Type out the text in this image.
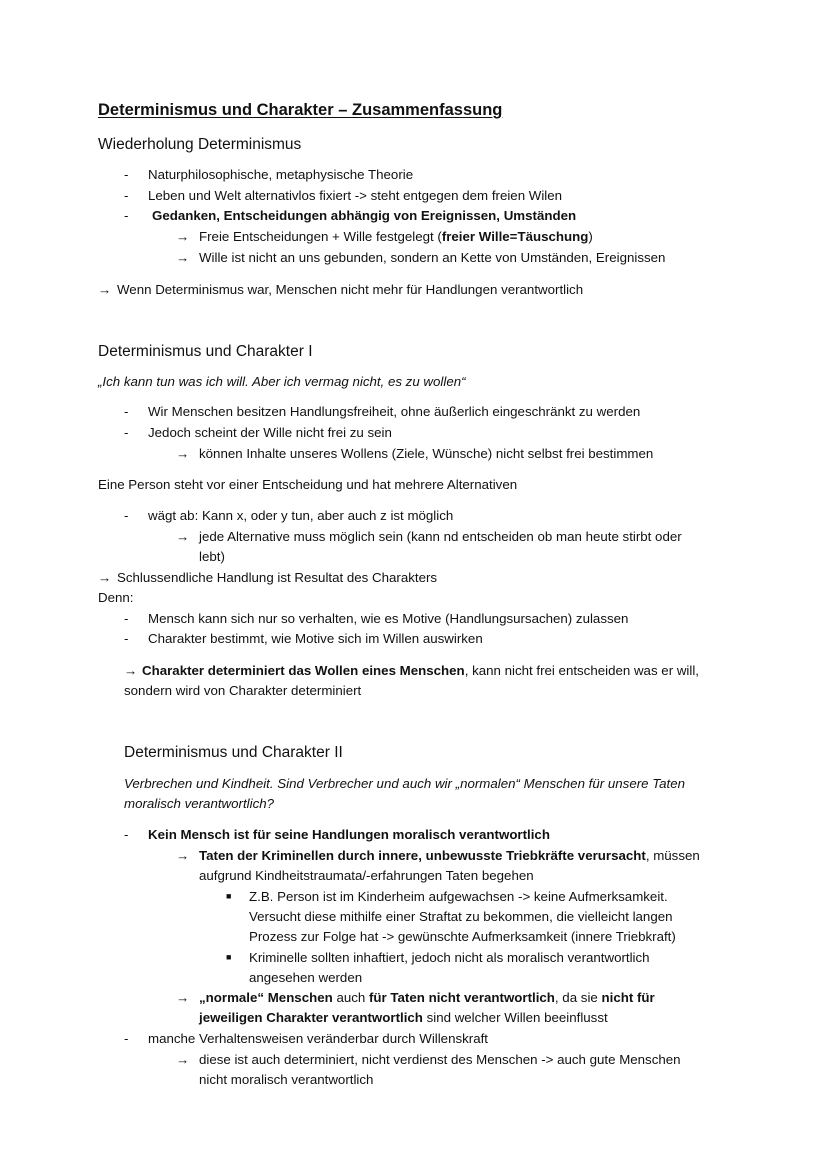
Determinismus und Charakter – Zusammenfassung
Wiederholung Determinismus
- Naturphilosophische, metaphysische Theorie
- Leben und Welt alternativlos fixiert -> steht entgegen dem freien Wilen
- Gedanken, Entscheidungen abhängig von Ereignissen, Umständen
→ Freie Entscheidungen + Wille festgelegt (freier Wille=Täuschung)
→ Wille ist nicht an uns gebunden, sondern an Kette von Umständen, Ereignissen
→ Wenn Determinismus war, Menschen nicht mehr für Handlungen verantwortlich
Determinismus und Charakter I
„Ich kann tun was ich will. Aber ich vermag nicht, es zu wollen“
- Wir Menschen besitzen Handlungsfreiheit, ohne äußerlich eingeschränkt zu werden
- Jedoch scheint der Wille nicht frei zu sein
→ können Inhalte unseres Wollens (Ziele, Wünsche) nicht selbst frei bestimmen
Eine Person steht vor einer Entscheidung und hat mehrere Alternativen
- wägt ab: Kann x, oder y tun, aber auch z ist möglich
→ jede Alternative muss möglich sein (kann nd entscheiden ob man heute stirbt oder
lebt)
→ Schlussendliche Handlung ist Resultat des Charakters
Denn:
- Mensch kann sich nur so verhalten, wie es Motive (Handlungsursachen) zulassen
- Charakter bestimmt, wie Motive sich im Willen auswirken
→ Charakter determiniert das Wollen eines Menschen, kann nicht frei entscheiden was er will,
sondern wird von Charakter determiniert
Determinismus und Charakter II
Verbrechen und Kindheit. Sind Verbrecher und auch wir „normalen“ Menschen für unsere Taten
moralisch verantwortlich?
- Kein Mensch ist für seine Handlungen moralisch verantwortlich
→ Taten der Kriminellen durch innere, unbewusste Triebkräfte verursacht, müssen
aufgrund Kindheitstraumata/-erfahrungen Taten begehen
■ Z.B. Person ist im Kinderheim aufgewachsen -> keine Aufmerksamkeit.
Versucht diese mithilfe einer Straftat zu bekommen, die vielleicht langen
Prozess zur Folge hat -> gewünschte Aufmerksamkeit (innere Triebkraft)
■ Kriminelle sollten inhaftiert, jedoch nicht als moralisch verantwortlich
angesehen werden
→ „normale“ Menschen auch für Taten nicht verantwortlich, da sie nicht für
jeweiligen Charakter verantwortlich sind welcher Willen beeinflusst
- manche Verhaltensweisen veränderbar durch Willenskraft
→ diese ist auch determiniert, nicht verdienst des Menschen -> auch gute Menschen
nicht moralisch verantwortlich
